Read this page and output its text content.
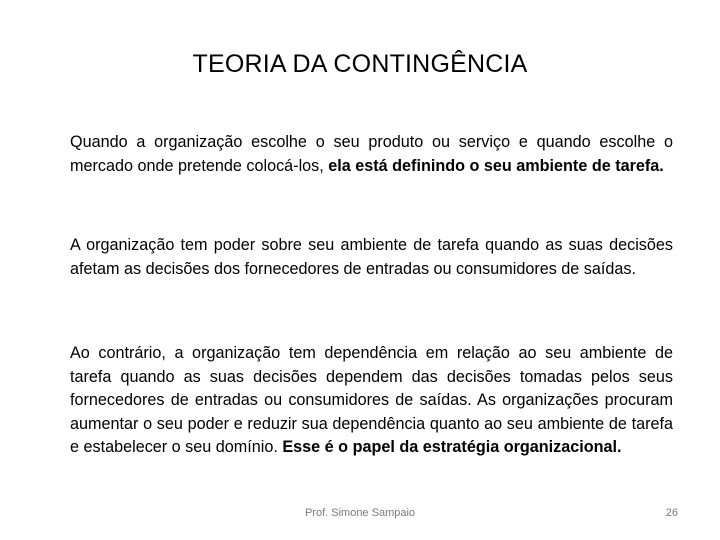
TEORIA DA CONTINGÊNCIA
Quando a organização escolhe o seu produto ou serviço e quando escolhe o mercado onde pretende colocá-los, ela está definindo o seu ambiente de tarefa.
A organização tem poder sobre seu ambiente de tarefa quando as suas decisões afetam as decisões dos fornecedores de entradas ou consumidores de saídas.
Ao contrário, a organização tem dependência em relação ao seu ambiente de tarefa quando as suas decisões dependem das decisões tomadas pelos seus fornecedores de entradas ou consumidores de saídas. As organizações procuram aumentar o seu poder e reduzir sua dependência quanto ao seu ambiente de tarefa e estabelecer o seu domínio. Esse é o papel da estratégia organizacional.
Prof. Simone Sampaio	26
